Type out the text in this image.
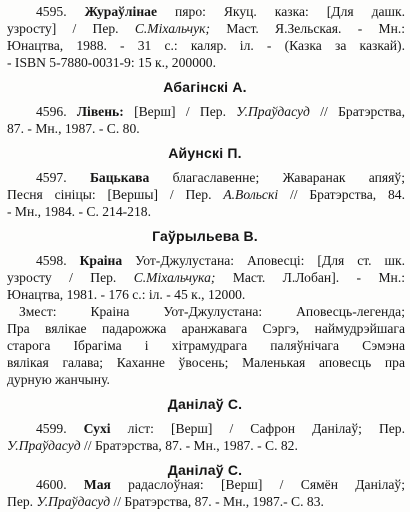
4595. Жураўлінае пяро: Якуц. казка: [Для дашк.
узросту] / Пер. С.Міхальчук; Маст. Я.Зельская. - Мн.:
Юнацтва, 1988. - 31 с.: каляр. іл. - (Казка за казкай).
- ISBN 5-7880-0031-9: 15 к., 200000.
Абагінскі А.
4596. Лівень: [Верш] / Пер. У.Праўдасуд // Братэрства,
87. - Мн., 1987. - С. 80.
Айунскі П.
4597. Бацькава благаславенне; Жаваранак апяяў;
Песня сініцы: [Вершы] / Пер. А.Вольскі // Братэрства, 84.
- Мн., 1984. - С. 214-218.
Гаўрыльева В.
4598. Краіна Уот-Джулустана: Аповесці: [Для ст. шк.
узросту / Пер. С.Міхальчука; Маст. Л.Лобан]. - Мн.:
Юнацтва, 1981. - 176 с.: іл. - 45 к., 12000.
Змест: Краіна Уот-Джулустана: Аповесць-легенда;
Пра вялікае падарожжа аранжавага Сэргэ, наймудрэйшага
старога Ібрагіма і хітрамудрага паляўнічага Сэмэна
вялікая галава; Каханне ўвосень; Маленькая аповесць пра
дурную жанчыну.
Данілаў С.
4599. Сухі ліст: [Верш] / Сафрон Данілаў; Пер.
У.Праўдасуд // Братэрства, 87. - Мн., 1987. - С. 82.
Данілаў С.
4600. Мая радаслоўная: [Верш] / Сямён Данілаў;
Пер. У.Праўдасуд // Братэрства, 87. - Мн., 1987.- С. 83.
